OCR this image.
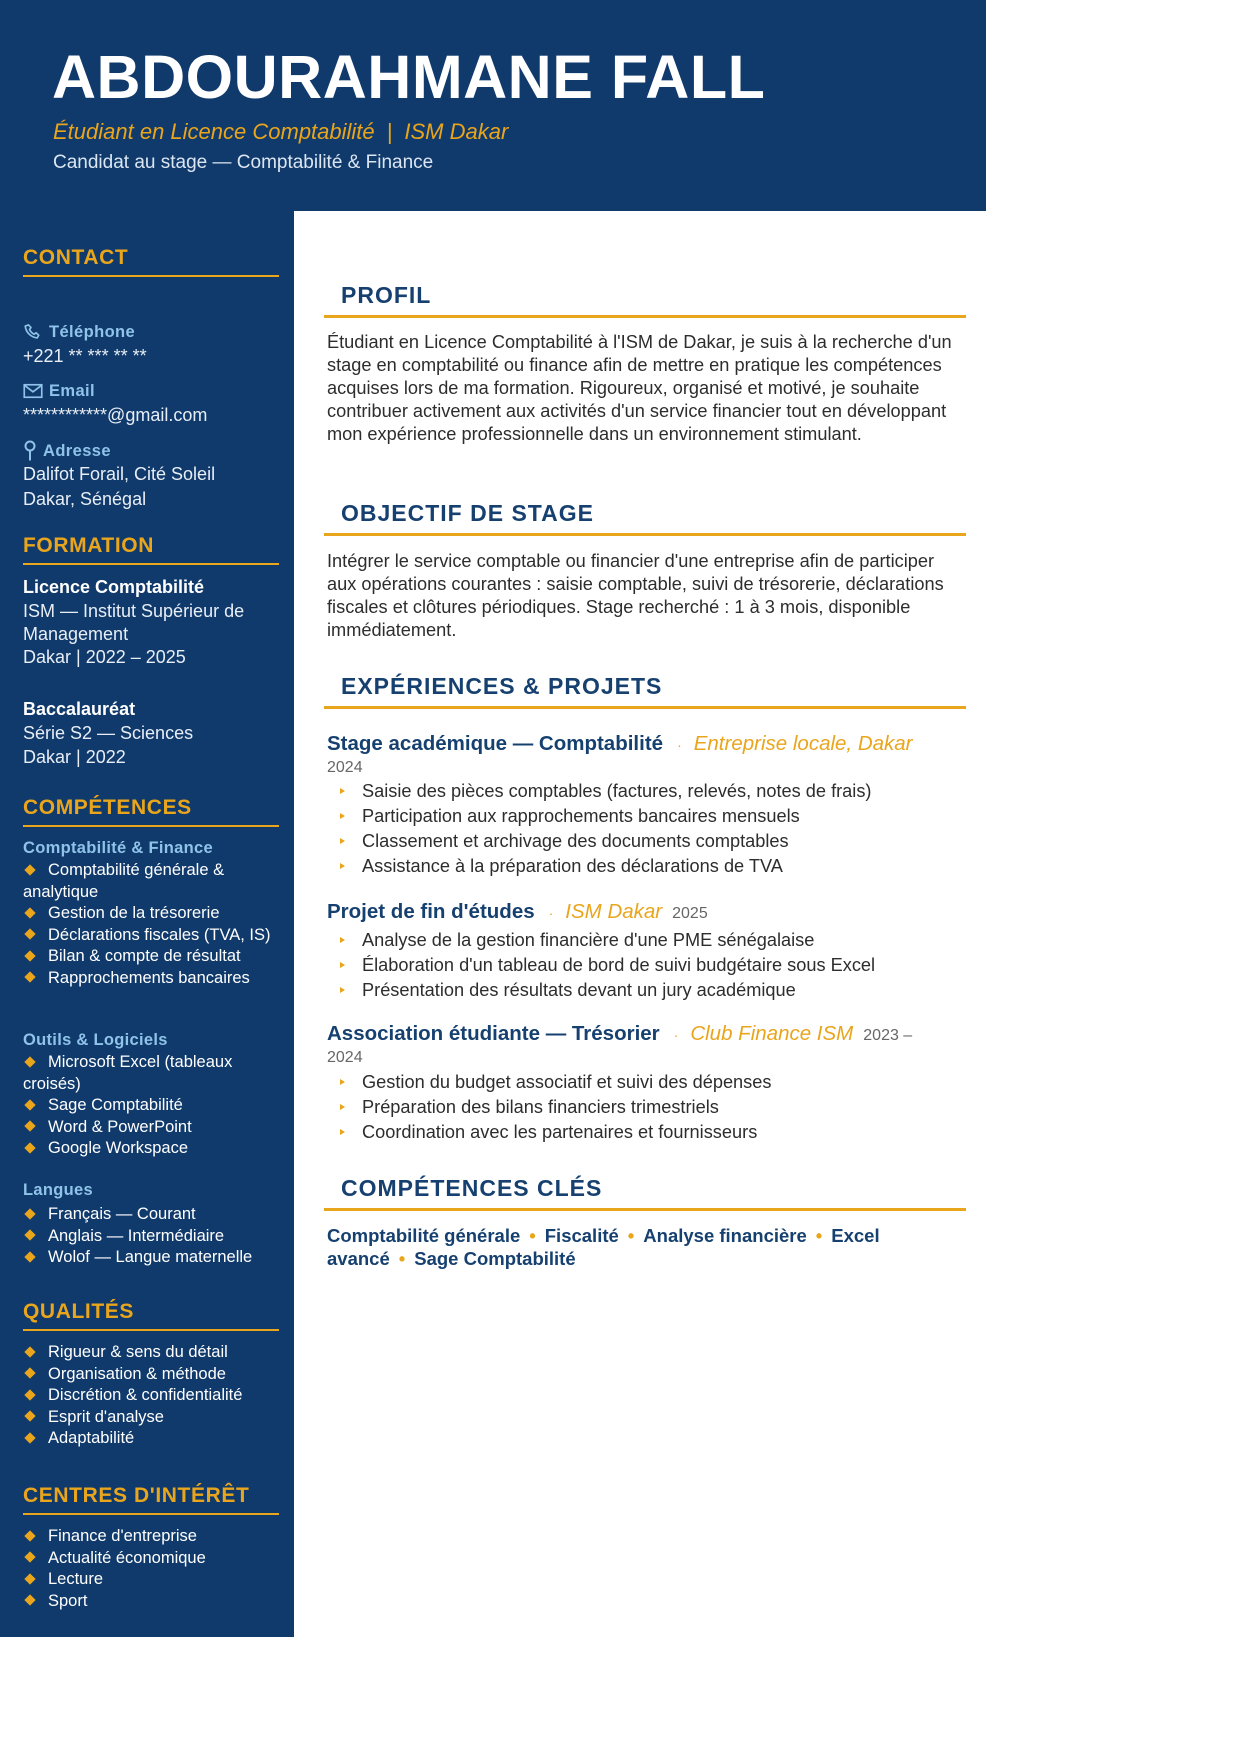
ABDOURAHMANE FALL
Étudiant en Licence Comptabilité | ISM Dakar
Candidat au stage — Comptabilité & Finance
CONTACT
Téléphone
+221 ** *** ** **
Email
************@gmail.com
Adresse
Dalifot Forail, Cité Soleil
Dakar, Sénégal
FORMATION
Licence Comptabilité
ISM — Institut Supérieur de Management
Dakar | 2022 – 2025
Baccalauréat
Série S2 — Sciences
Dakar | 2022
COMPÉTENCES
Comptabilité & Finance
Comptabilité générale & analytique
Gestion de la trésorerie
Déclarations fiscales (TVA, IS)
Bilan & compte de résultat
Rapprochements bancaires
Outils & Logiciels
Microsoft Excel (tableaux croisés)
Sage Comptabilité
Word & PowerPoint
Google Workspace
Langues
Français — Courant
Anglais — Intermédiaire
Wolof — Langue maternelle
QUALITÉS
Rigueur & sens du détail
Organisation & méthode
Discrétion & confidentialité
Esprit d'analyse
Adaptabilité
CENTRES D'INTÉRÊT
Finance d'entreprise
Actualité économique
Lecture
Sport
PROFIL
Étudiant en Licence Comptabilité à l'ISM de Dakar, je suis à la recherche d'un stage en comptabilité ou finance afin de mettre en pratique les compétences acquises lors de ma formation. Rigoureux, organisé et motivé, je souhaite contribuer activement aux activités d'un service financier tout en développant mon expérience professionnelle dans un environnement stimulant.
OBJECTIF DE STAGE
Intégrer le service comptable ou financier d'une entreprise afin de participer aux opérations courantes : saisie comptable, suivi de trésorerie, déclarations fiscales et clôtures périodiques. Stage recherché : 1 à 3 mois, disponible immédiatement.
EXPÉRIENCES & PROJETS
Stage académique — Comptabilité · Entreprise locale, Dakar
2024
Saisie des pièces comptables (factures, relevés, notes de frais)
Participation aux rapprochements bancaires mensuels
Classement et archivage des documents comptables
Assistance à la préparation des déclarations de TVA
Projet de fin d'études · ISM Dakar 2025
Analyse de la gestion financière d'une PME sénégalaise
Élaboration d'un tableau de bord de suivi budgétaire sous Excel
Présentation des résultats devant un jury académique
Association étudiante — Trésorier · Club Finance ISM 2023 –
2024
Gestion du budget associatif et suivi des dépenses
Préparation des bilans financiers trimestriels
Coordination avec les partenaires et fournisseurs
COMPÉTENCES CLÉS
Comptabilité générale • Fiscalité • Analyse financière • Excel avancé • Sage Comptabilité
